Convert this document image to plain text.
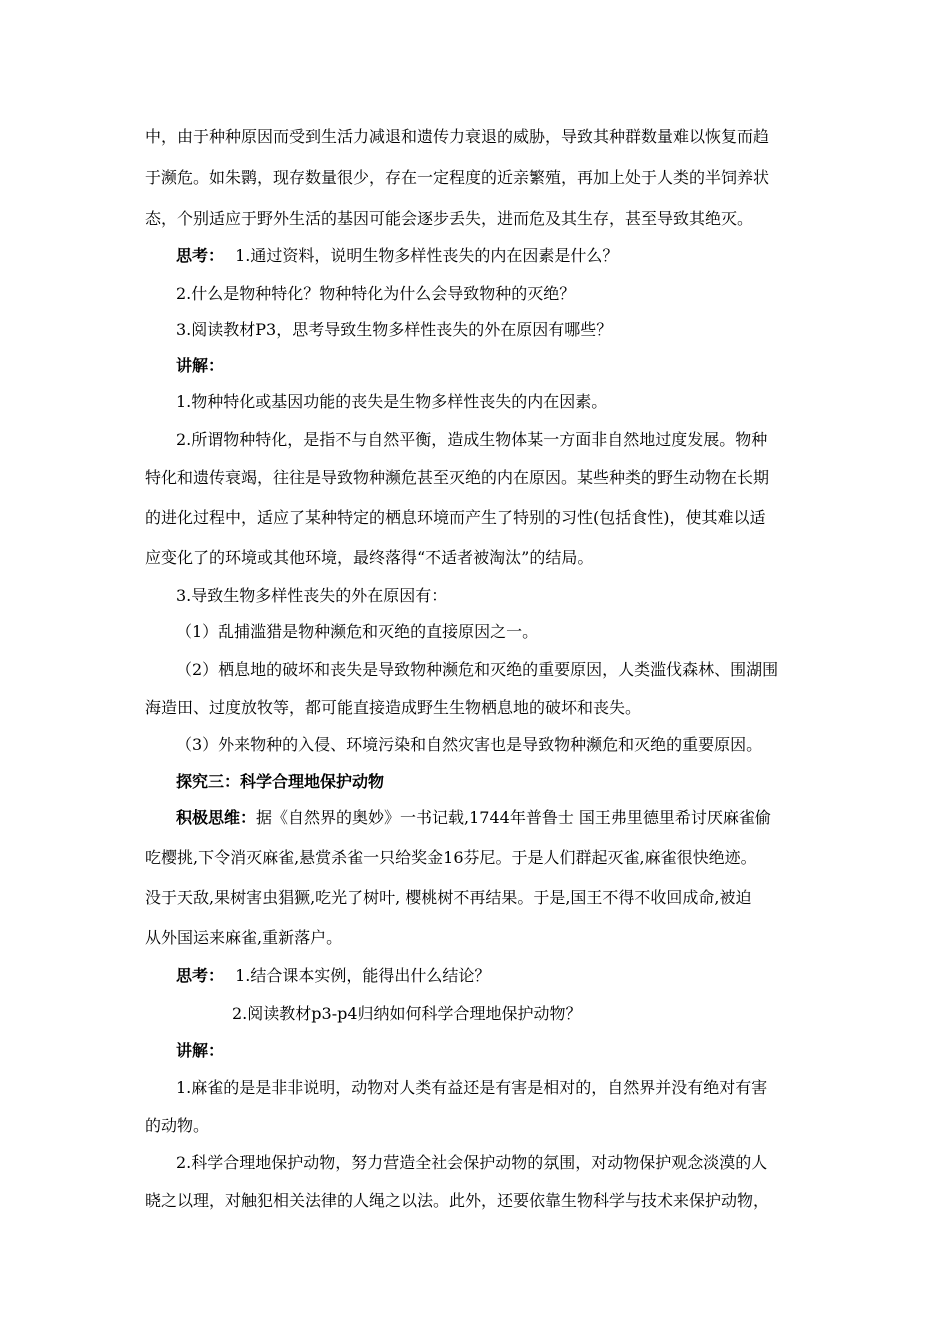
中，由于种种原因而受到生活力减退和遗传力衰退的威胁，导致其种群数量难以恢复而趋
于濒危。如朱鹮，现存数量很少，存在一定程度的近亲繁殖，再加上处于人类的半饲养状
态，个别适应于野外生活的基因可能会逐步丢失，进而危及其生存，甚至导致其绝灭。
思考： 1.通过资料，说明生物多样性丧失的内在因素是什么？
2.什么是物种特化？物种特化为什么会导致物种的灭绝？
3.阅读教材P3，思考导致生物多样性丧失的外在原因有哪些？
讲解：
1.物种特化或基因功能的丧失是生物多样性丧失的内在因素。
2.所谓物种特化，是指不与自然平衡，造成生物体某一方面非自然地过度发展。物种
特化和遗传衰竭，往往是导致物种濒危甚至灭绝的内在原因。某些种类的野生动物在长期
的进化过程中，适应了某种特定的栖息环境而产生了特别的习性(包括食性)，使其难以适
应变化了的环境或其他环境，最终落得“不适者被淘汰”的结局。
3.导致生物多样性丧失的外在原因有：
（1）乱捕滥猎是物种濒危和灭绝的直接原因之一。
（2）栖息地的破坏和丧失是导致物种濒危和灭绝的重要原因，人类滥伐森林、围湖围
海造田、过度放牧等，都可能直接造成野生生物栖息地的破坏和丧失。
（3）外来物种的入侵、环境污染和自然灾害也是导致物种濒危和灭绝的重要原因。
探究三：科学合理地保护动物
积极思维：据《自然界的奥妙》一书记载,1744年普鲁士 国王弗里德里希讨厌麻雀偷
吃樱挑,下令消灭麻雀,悬赏杀雀一只给奖金16芬尼。于是人们群起灭雀,麻雀很快绝迹。
没于天敌,果树害虫猖獗,吃光了树叶, 樱桃树不再结果。于是,国王不得不收回成命,被迫
从外国运来麻雀,重新落户。
思考： 1.结合课本实例，能得出什么结论？
2.阅读教材p3-p4归纳如何科学合理地保护动物？
讲解：
1.麻雀的是是非非说明，动物对人类有益还是有害是相对的，自然界并没有绝对有害
的动物。
2.科学合理地保护动物，努力营造全社会保护动物的氛围，对动物保护观念淡漠的人
晓之以理，对触犯相关法律的人绳之以法。此外，还要依靠生物科学与技术来保护动物，
